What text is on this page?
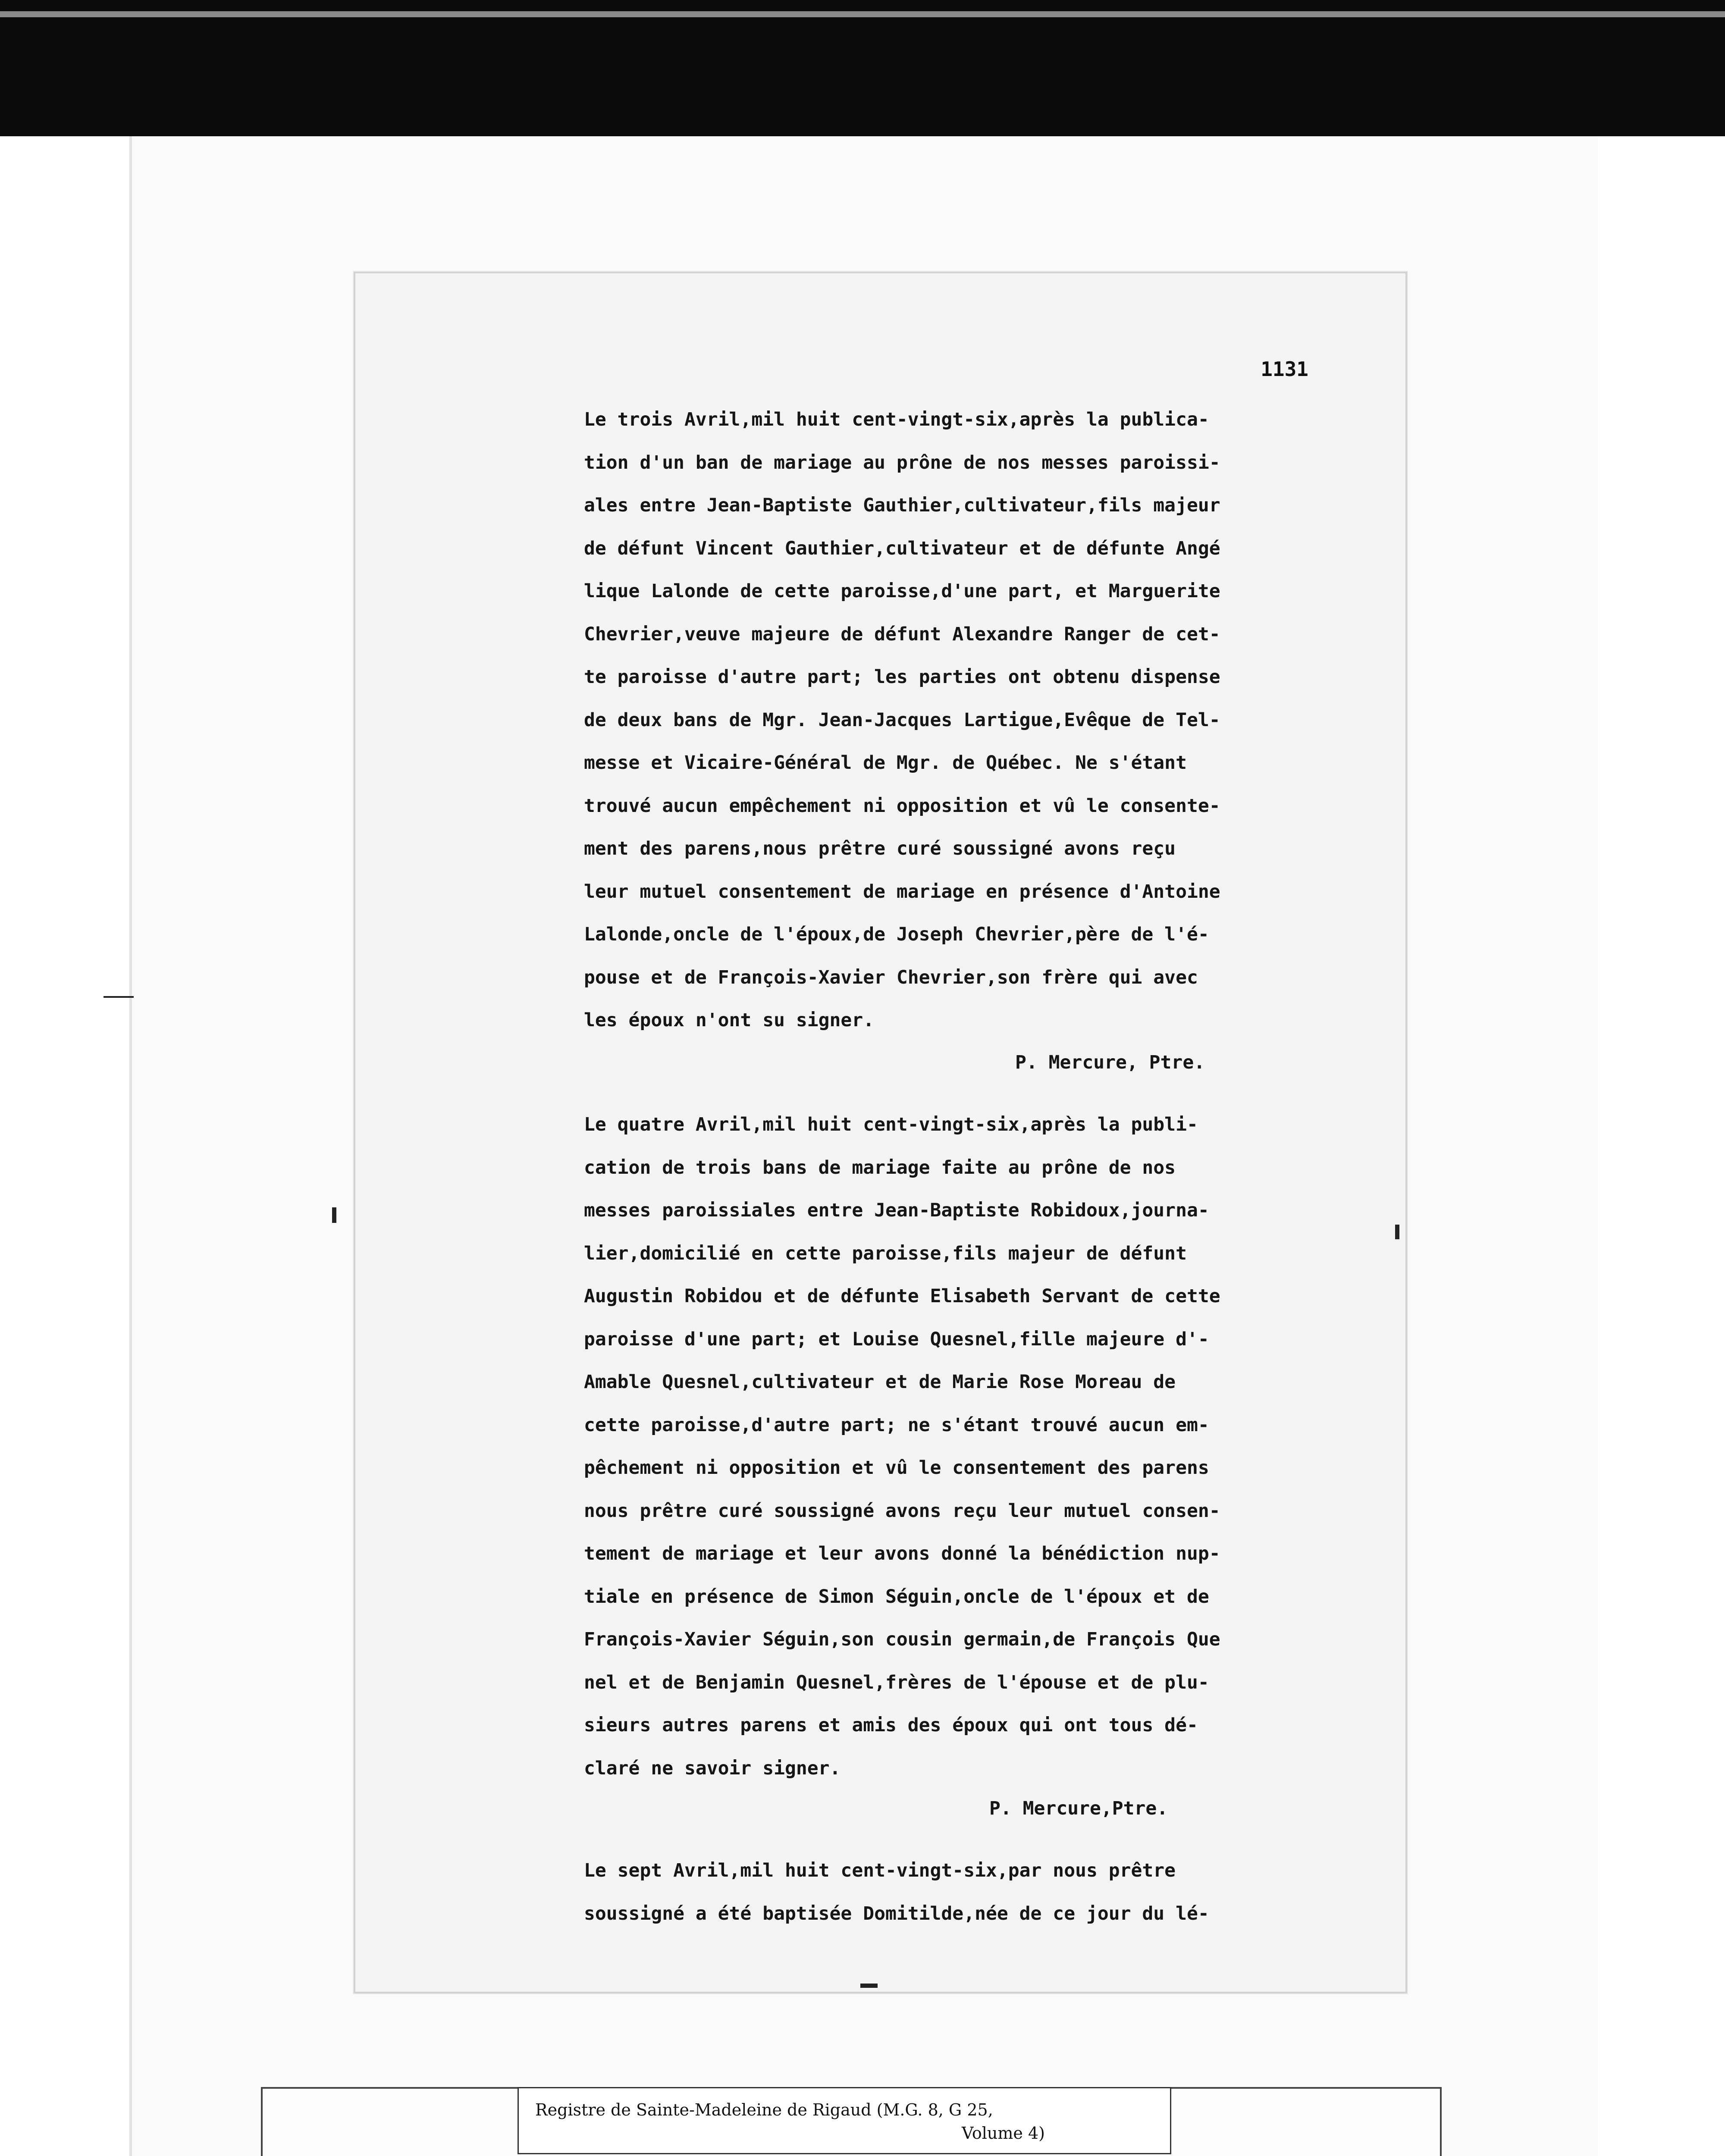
1131
Le trois Avril,mil huit cent-vingt-six,après la publica-
tion d'un ban de mariage au prône de nos messes paroissi-
ales entre Jean-Baptiste Gauthier,cultivateur,fils majeur
de défunt Vincent Gauthier,cultivateur et de défunte Angé
lique Lalonde de cette paroisse,d'une part, et Marguerite
Chevrier,veuve majeure de défunt Alexandre Ranger de cet-
te paroisse d'autre part; les parties ont obtenu dispense
de deux bans de Mgr. Jean-Jacques Lartigue,Evêque de Tel-
messe et Vicaire-Général de Mgr. de Québec. Ne s'étant
trouvé aucun empêchement ni opposition et vû le consente-
ment des parens,nous prêtre curé soussigné avons reçu
leur mutuel consentement de mariage en présence d'Antoine
Lalonde,oncle de l'époux,de Joseph Chevrier,père de l'é-
pouse et de François-Xavier Chevrier,son frère qui avec
les époux n'ont su signer.
P. Mercure, Ptre.
Le quatre Avril,mil huit cent-vingt-six,après la publi-
cation de trois bans de mariage faite au prône de nos
messes paroissiales entre Jean-Baptiste Robidoux,journa-
lier,domicilié en cette paroisse,fils majeur de défunt
Augustin Robidou et de défunte Elisabeth Servant de cette
paroisse d'une part; et Louise Quesnel,fille majeure d'-
Amable Quesnel,cultivateur et de Marie Rose Moreau de
cette paroisse,d'autre part; ne s'étant trouvé aucun em-
pêchement ni opposition et vû le consentement des parens
nous prêtre curé soussigné avons reçu leur mutuel consen-
tement de mariage et leur avons donné la bénédiction nup-
tiale en présence de Simon Séguin,oncle de l'époux et de
François-Xavier Séguin,son cousin germain,de François Que
nel et de Benjamin Quesnel,frères de l'épouse et de plu-
sieurs autres parens et amis des époux qui ont tous dé-
claré ne savoir signer.
P. Mercure,Ptre.
Le sept Avril,mil huit cent-vingt-six,par nous prêtre
soussigné a été baptisée Domitilde,née de ce jour du lé-
Registre de Sainte-Madeleine de Rigaud (M.G. 8, G 25,
Volume 4)
